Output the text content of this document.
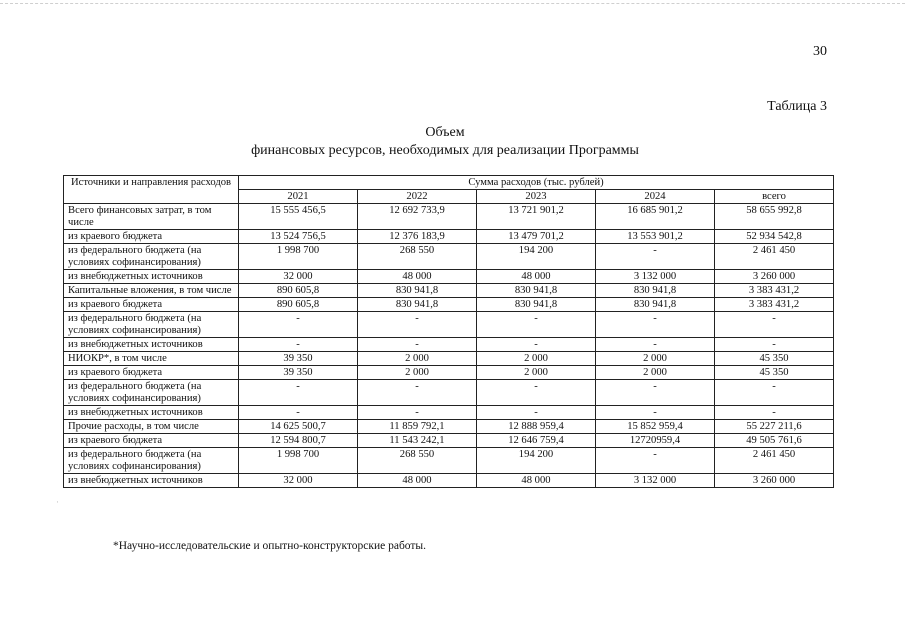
30
Таблица 3
Объем
финансовых ресурсов, необходимых для реализации Программы
Источники и направления расходов	Сумма расходов (тыс. рублей)				
	2021	2022	2023	2024	всего
Всего финансовых затрат, в том числе	15 555 456,5	12 692 733,9	13 721 901,2	16 685 901,2	58 655 992,8
из краевого бюджета	13 524 756,5	12 376 183,9	13 479 701,2	13 553 901,2	52 934 542,8
из федерального бюджета (на условиях софинансирования)	1 998 700	268 550	194 200	-	2 461 450
из внебюджетных источников	32 000	48 000	48 000	3 132 000	3 260 000
Капитальные вложения, в том числе	890 605,8	830 941,8	830 941,8	830 941,8	3 383 431,2
из краевого бюджета	890 605,8	830 941,8	830 941,8	830 941,8	3 383 431,2
из федерального бюджета (на условиях софинансирования)	-	-	-	-	-
из внебюджетных источников	-	-	-	-	-
НИОКР*, в том числе	39 350	2 000	2 000	2 000	45 350
из краевого бюджета	39 350	2 000	2 000	2 000	45 350
из федерального бюджета (на условиях софинансирования)	-	-	-	-	-
из внебюджетных источников	-	-	-	-	-
Прочие расходы, в том числе	14 625 500,7	11 859 792,1	12 888 959,4	15 852 959,4	55 227 211,6
из краевого бюджета	12 594 800,7	11 543 242,1	12 646 759,4	12720959,4	49 505 761,6
из федерального бюджета (на условиях софинансирования)	1 998 700	268 550	194 200	-	2 461 450
из внебюджетных источников	32 000	48 000	48 000	3 132 000	3 260 000
·
*Научно-исследовательские и опытно-конструкторские работы.
